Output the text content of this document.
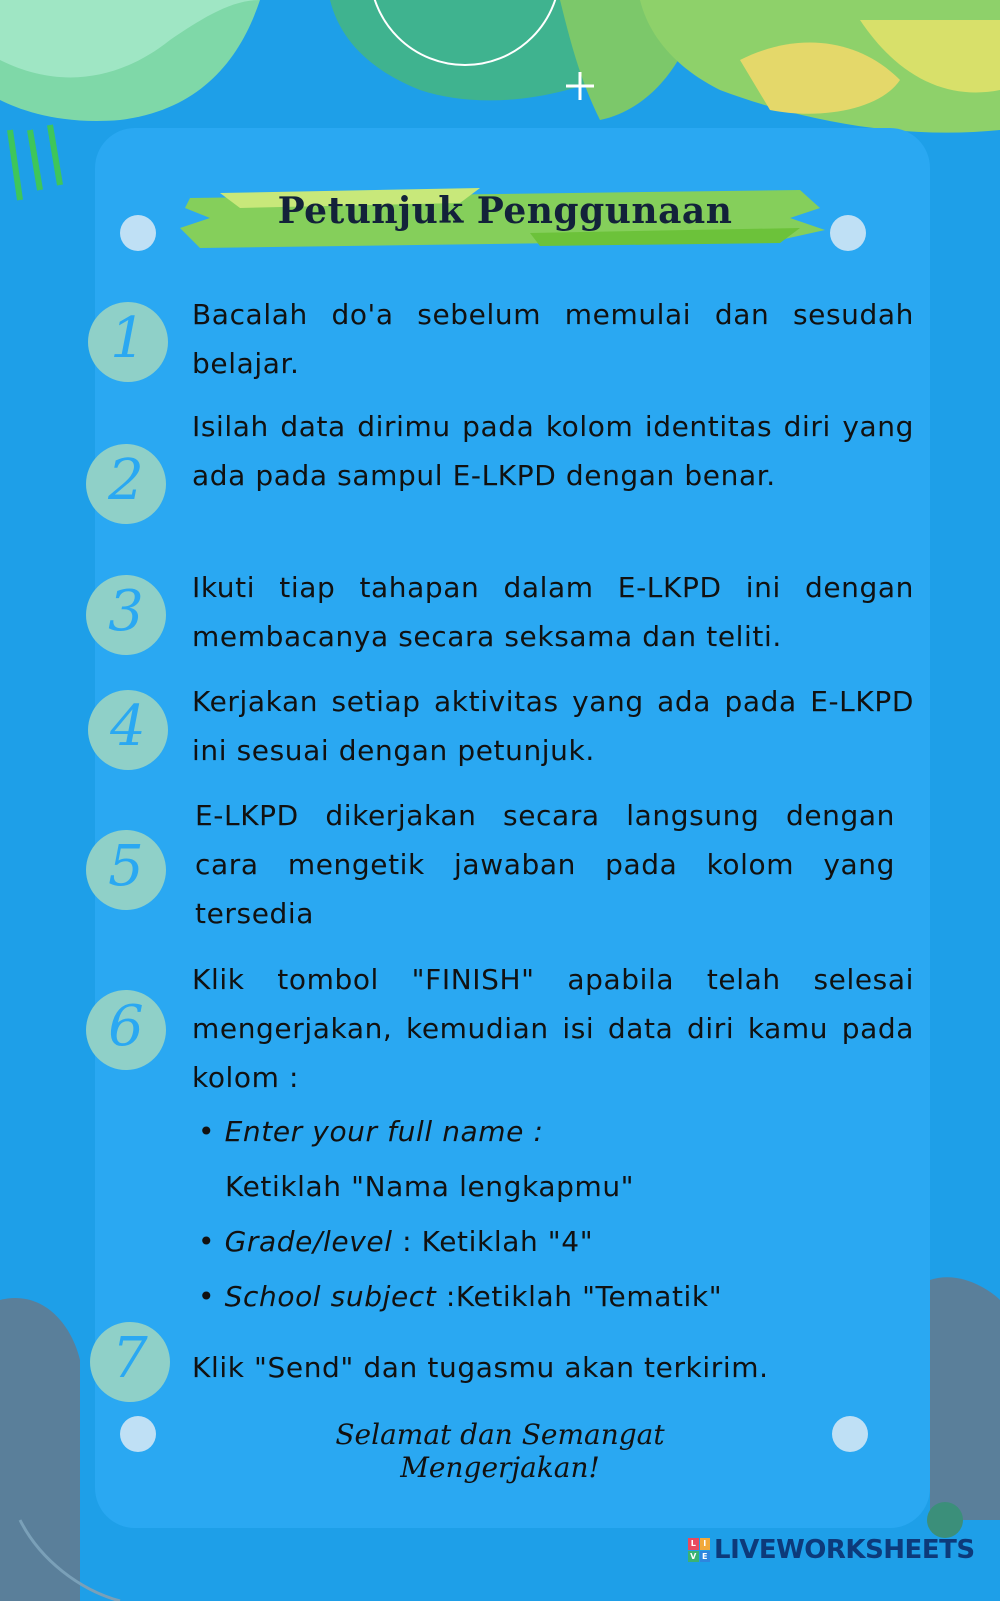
Petunjuk Penggunaan
1	Bacalah do'a sebelum memulai dan sesudah belajar.
2
Isilah data dirimu pada kolom identitas diri yang ada pada sampul E-LKPD dengan benar.
3	Ikuti tiap tahapan dalam E-LKPD ini dengan membacanya secara seksama dan teliti.
4	Kerjakan setiap aktivitas yang ada pada E-LKPD ini sesuai dengan petunjuk.
5
E-LKPD dikerjakan secara langsung dengan cara mengetik jawaban pada kolom yang tersedia
6
Klik tombol "FINISH" apabila telah selesai mengerjakan, kemudian isi data diri kamu pada kolom :
• Enter your full name :
Ketiklah "Nama lengkapmu"
• Grade/level : Ketiklah "4"
• School subject :Ketiklah "Tematik"
7	Klik "Send" dan tugasmu akan terkirim.
Selamat dan Semangat Mengerjakan!
L I
V E LIVEWORKSHEETS
